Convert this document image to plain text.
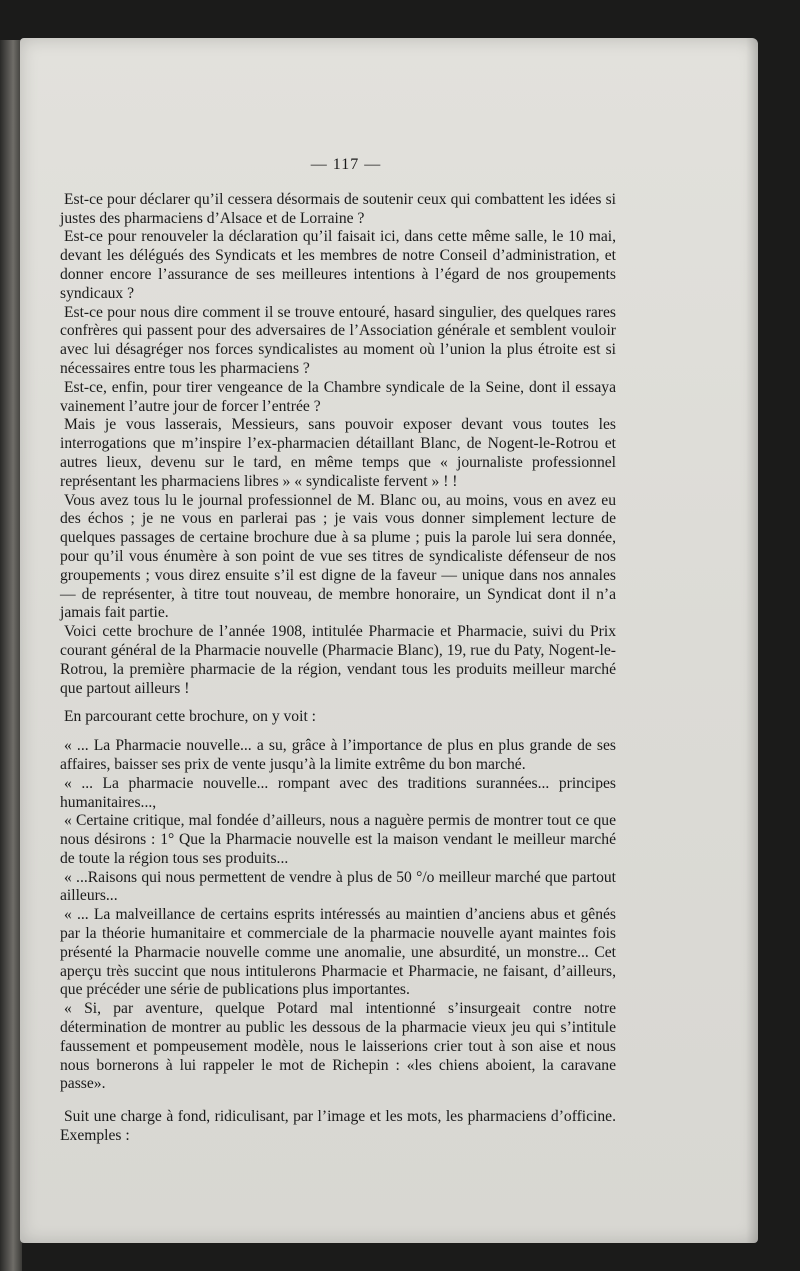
— 117 —

Est-ce pour déclarer qu’il cessera désormais de soutenir ceux qui combattent les idées si justes des pharmaciens d’Alsace et de Lorraine ?

Est-ce pour renouveler la déclaration qu’il faisait ici, dans cette même salle, le 10 mai, devant les délégués des Syndicats et les membres de notre Conseil d’administration, et donner encore l’assurance de ses meilleures intentions à l’égard de nos groupements syndicaux ?

Est-ce pour nous dire comment il se trouve entouré, hasard singulier, des quelques rares confrères qui passent pour des adversaires de l’Association générale et semblent vouloir avec lui désagréger nos forces syndicalistes au moment où l’union la plus étroite est si nécessaires entre tous les pharmaciens ?

Est-ce, enfin, pour tirer vengeance de la Chambre syndicale de la Seine, dont il essaya vainement l’autre jour de forcer l’entrée ?

Mais je vous lasserais, Messieurs, sans pouvoir exposer devant vous toutes les interrogations que m’inspire l’ex-pharmacien détaillant Blanc, de Nogent-le-Rotrou et autres lieux, devenu sur le tard, en même temps que « journaliste professionnel représentant les pharmaciens libres » « syndicaliste fervent » ! !

Vous avez tous lu le journal professionnel de M. Blanc ou, au moins, vous en avez eu des échos ; je ne vous en parlerai pas ; je vais vous donner simplement lecture de quelques passages de certaine brochure due à sa plume ; puis la parole lui sera donnée, pour qu’il vous énumère à son point de vue ses titres de syndicaliste défenseur de nos groupements ; vous direz ensuite s’il est digne de la faveur — unique dans nos annales — de représenter, à titre tout nouveau, de membre honoraire, un Syndicat dont il n’a jamais fait partie.

Voici cette brochure de l’année 1908, intitulée Pharmacie et Pharmacie, suivi du Prix courant général de la Pharmacie nouvelle (Pharmacie Blanc), 19, rue du Paty, Nogent-le-Rotrou, la première pharmacie de la région, vendant tous les produits meilleur marché que partout ailleurs !

En parcourant cette brochure, on y voit :

« ... La Pharmacie nouvelle... a su, grâce à l’importance de plus en plus grande de ses affaires, baisser ses prix de vente jusqu’à la limite extrême du bon marché.

« ... La pharmacie nouvelle... rompant avec des traditions surannées... principes humanitaires...,

« Certaine critique, mal fondée d’ailleurs, nous a naguère permis de montrer tout ce que nous désirons : 1° Que la Pharmacie nouvelle est la maison vendant le meilleur marché de toute la région tous ses produits...

« ...Raisons qui nous permettent de vendre à plus de 50 °/o meilleur marché que partout ailleurs...

« ... La malveillance de certains esprits intéressés au maintien d’anciens abus et gênés par la théorie humanitaire et commerciale de la pharmacie nouvelle ayant maintes fois présenté la Pharmacie nouvelle comme une anomalie, une absurdité, un monstre... Cet aperçu très succint que nous intitulerons Pharmacie et Pharmacie, ne faisant, d’ailleurs, que précéder une série de publications plus importantes.

« Si, par aventure, quelque Potard mal intentionné s’insurgeait contre notre détermination de montrer au public les dessous de la pharmacie vieux jeu qui s’intitule faussement et pompeusement modèle, nous le laisserions crier tout à son aise et nous nous bornerons à lui rappeler le mot de Richepin : «les chiens aboient, la caravane passe».

Suit une charge à fond, ridiculisant, par l’image et les mots, les pharmaciens d’officine. Exemples :
